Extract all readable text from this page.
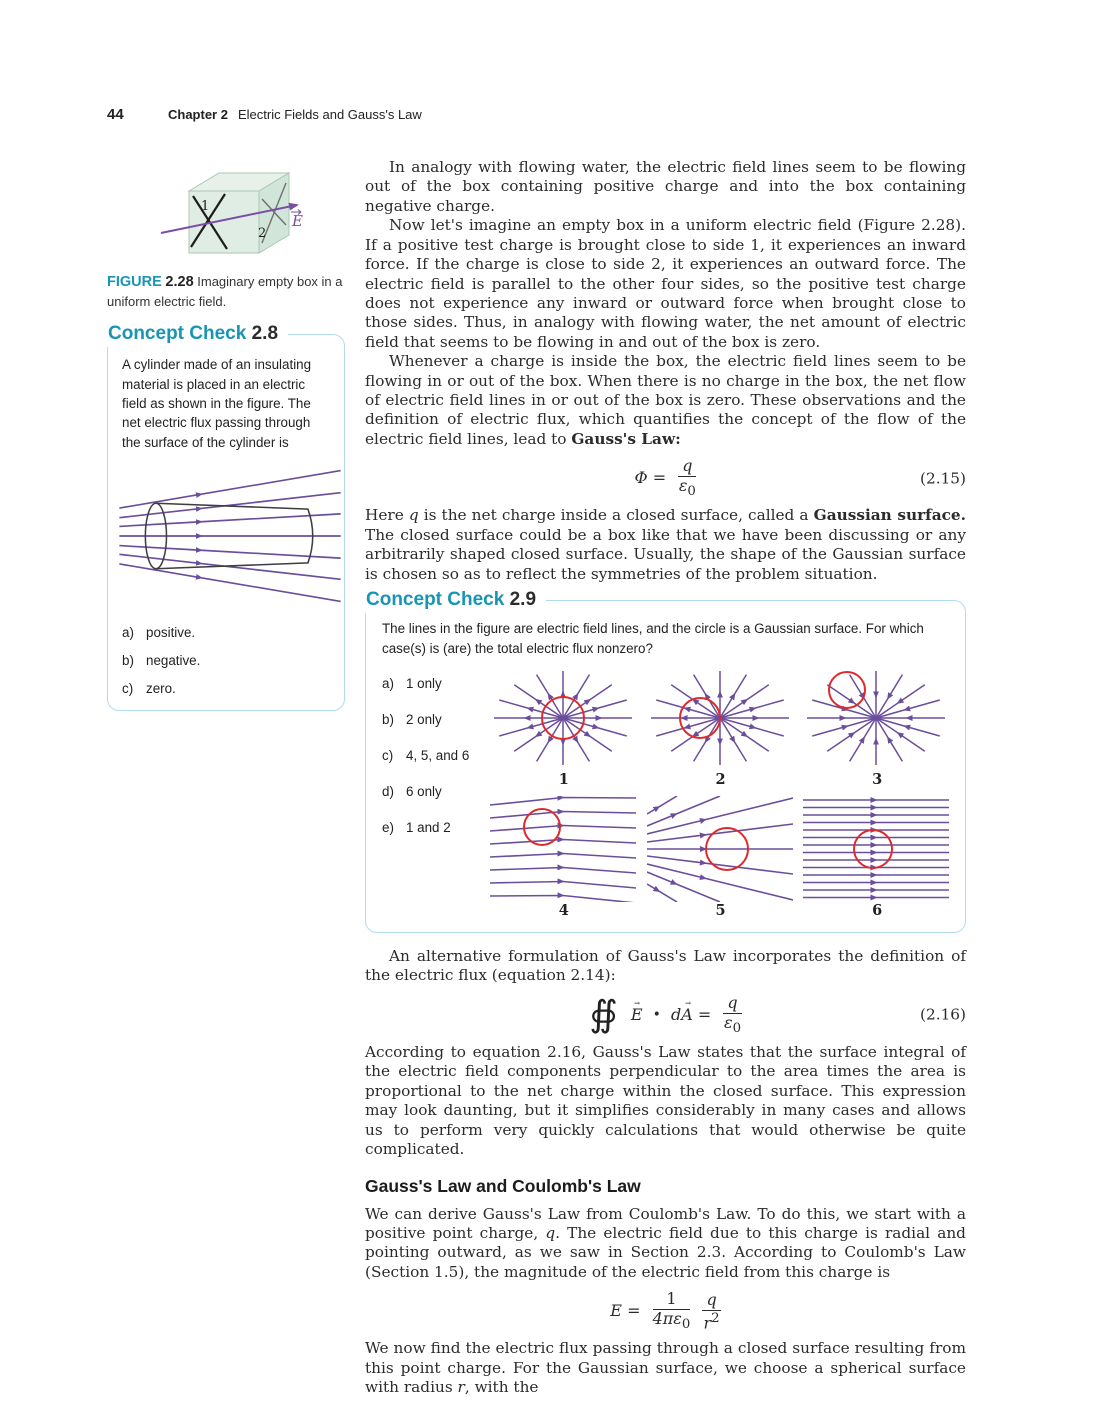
44	Chapter 2 Electric Fields and Gauss's Law
1
2
E
FIGURE 2.28 Imaginary empty box in a uniform electric field.
Concept Check 2.8

A cylinder made of an insulating material is placed in an electric field as shown in the figure. The net electric flux passing through the surface of the cylinder is

a) positive.
b) negative.
c) zero.

In analogy with flowing water, the electric field lines seem to be flowing out of the box containing positive charge and into the box containing negative charge.

Now let's imagine an empty box in a uniform electric field (Figure 2.28). If a positive test charge is brought close to side 1, it experiences an inward force. If the charge is close to side 2, it experiences an outward force. The electric field is parallel to the other four sides, so the positive test charge does not experience any inward or outward force when brought close to those sides. Thus, in analogy with flowing water, the net amount of electric field that seems to be flowing in and out of the box is zero.

Whenever a charge is inside the box, the electric field lines seem to be flowing in or out of the box. When there is no charge in the box, the net flow of electric field lines in or out of the box is zero. These observations and the definition of electric flux, which quantifies the concept of the flow of the electric field lines, lead to Gauss's Law:

$\Phi = \frac{q}{\varepsilon_0}$	(2.15)

Here q is the net charge inside a closed surface, called a Gaussian surface. The closed surface could be a box like that we have been discussing or any arbitrarily shaped closed surface. Usually, the shape of the Gaussian surface is chosen so as to reflect the symmetries of the problem situation.

Concept Check 2.9

The lines in the figure are electric field lines, and the circle is a Gaussian surface. For which case(s) is (are) the total electric flux nonzero?

a) 1 only
b) 2 only
c) 4, 5, and 6
d) 6 only
e) 1 and 2
1	2	3
4	5	6

An alternative formulation of Gauss's Law incorporates the definition of the electric flux (equation 2.14):

∯ → E • $d\to A = \frac{q}{\varepsilon_0}$	(2.16)

According to equation 2.16, Gauss's Law states that the surface integral of the electric field components perpendicular to the area times the area is proportional to the net charge within the closed surface. This expression may look daunting, but it simplifies considerably in many cases and allows us to perform very quickly calculations that would otherwise be quite complicated.

Gauss's Law and Coulomb's Law

We can derive Gauss's Law from Coulomb's Law. To do this, we start with a positive point charge, q. The electric field due to this charge is radial and pointing outward, as we saw in Section 2.3. According to Coulomb's Law (Section 1.5), the magnitude of the electric field from this charge is

$E = \frac{1}{4\pi\varepsilon_0}$
$\frac{q}{r^2}$

We now find the electric flux passing through a closed surface resulting from this point charge. For the Gaussian surface, we choose a spherical surface with radius r, with the
